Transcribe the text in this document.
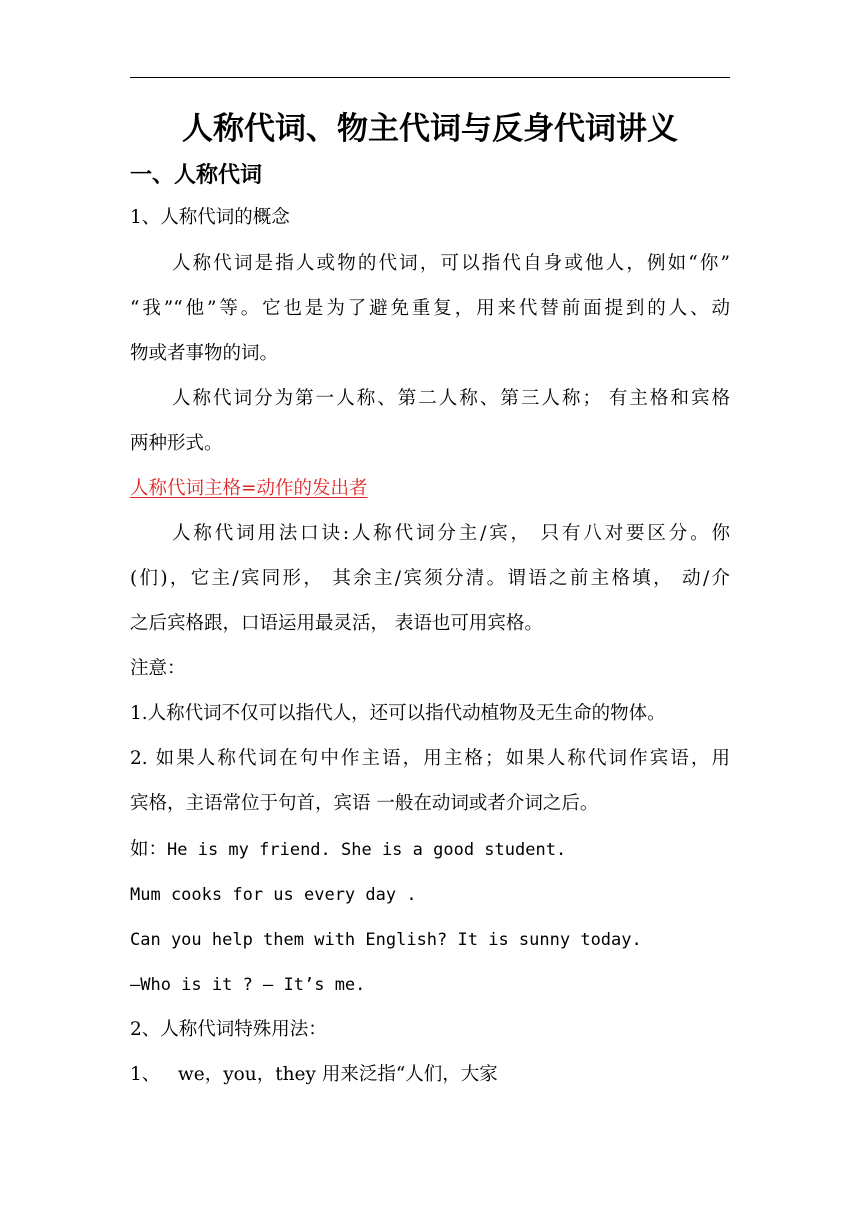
人称代词、物主代词与反身代词讲义
一、人称代词
1、人称代词的概念
人称代词是指人或物的代词，可以指代自身或他人，例如“你”
“我”“他”等。它也是为了避免重复，用来代替前面提到的人、动
物或者事物的词。
人称代词分为第一人称、第二人称、第三人称； 有主格和宾格
两种形式。
人称代词主格=动作的发出者
人称代词用法口诀:人称代词分主/宾， 只有八对要区分。你
(们)，它主/宾同形， 其余主/宾须分清。谓语之前主格填， 动/介
之后宾格跟，口语运用最灵活， 表语也可用宾格。
注意：
1.人称代词不仅可以指代人，还可以指代动植物及无生命的物体。
2. 如果人称代词在句中作主语，用主格；如果人称代词作宾语，用
宾格，主语常位于句首，宾语 一般在动词或者介词之后。
如：He is my friend. She is a good student.
Mum cooks for us every day .
Can you help them with English? It is sunny today.
—Who is it ? — It’s me.
2、人称代词特殊用法：
1、   we，you，they 用来泛指“人们，大家
